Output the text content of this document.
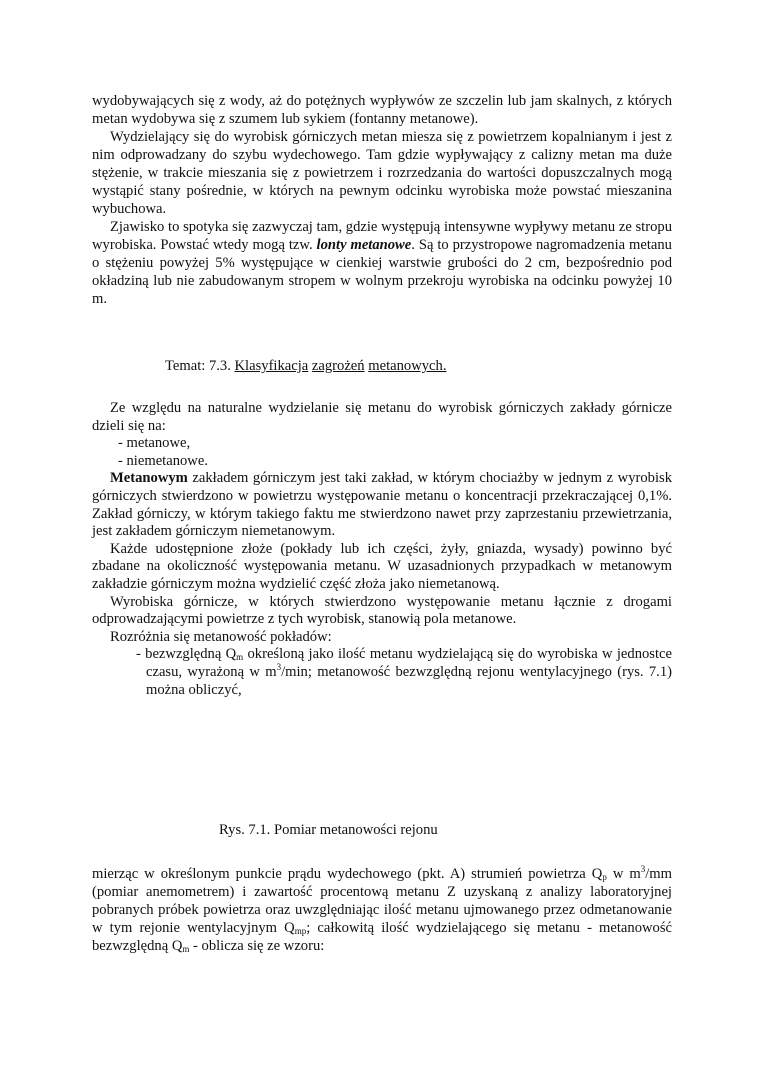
wydobywających się z wody, aż do potężnych wypływów ze szczelin lub jam skalnych, z których metan wydobywa się z szumem lub sykiem (fontanny metanowe).

Wydzielający się do wyrobisk górniczych metan miesza się z powietrzem kopalnianym i jest z nim odprowadzany do szybu wydechowego. Tam gdzie wypływający z calizny metan ma duże stężenie, w trakcie mieszania się z powietrzem i rozrzedzania do wartości dopuszczalnych mogą wystąpić stany pośrednie, w których na pewnym odcinku wyrobiska może powstać mieszanina wybuchowa.

Zjawisko to spotyka się zazwyczaj tam, gdzie występują intensywne wypływy metanu ze stropu wyrobiska. Powstać wtedy mogą tzw. lonty metanowe. Są to przystropowe nagromadzenia metanu o stężeniu powyżej 5% występujące w cienkiej warstwie grubości do 2 cm, bezpośrednio pod okładziną lub nie zabudowanym stropem w wolnym przekroju wyrobiska na odcinku powyżej 10 m.

Temat: 7.3. Klasyfikacja zagrożeń metanowych.

Ze względu na naturalne wydzielanie się metanu do wyrobisk górniczych zakłady górnicze dzieli się na:

- metanowe,

- niemetanowe.

Metanowym zakładem górniczym jest taki zakład, w którym chociażby w jednym z wyrobisk górniczych stwierdzono w powietrzu występowanie metanu o koncentracji przekraczającej 0,1%. Zakład górniczy, w którym takiego faktu me stwierdzono nawet przy zaprzestaniu przewietrzania, jest zakładem górniczym niemetanowym.

Każde udostępnione złoże (pokłady lub ich części, żyły, gniazda, wysady) powinno być zbadane na okoliczność występowania metanu. W uzasadnionych przypadkach w metanowym zakładzie górniczym można wydzielić część złoża jako niemetanową.

Wyrobiska górnicze, w których stwierdzono występowanie metanu łącznie z drogami odprowadzającymi powietrze z tych wyrobisk, stanowią pola metanowe.

Rozróżnia się metanowość pokładów:

- bezwzględną $Q_m$ określoną jako ilość metanu wydzielającą się do wyrobiska w jednostce czasu, wyrażoną w $m^3/\min$; metanowość bezwzględną rejonu wentylacyjnego (rys. 7.1) można obliczyć,

Rys. 7.1. Pomiar metanowości rejonu

mierząc w określonym punkcie prądu wydechowego (pkt. A) strumień powietrza $Q_p$ w $m^3/mm$ (pomiar anemometrem) i zawartość procentową metanu Z uzyskaną z analizy laboratoryjnej pobranych próbek powietrza oraz uwzględniając ilość metanu ujmowanego przez odmetanowanie w tym rejonie wentylacyjnym $Q_{mp}$; całkowitą ilość wydzielającego się metanu - metanowość bezwzględną $Q_m$ - oblicza się ze wzoru:
